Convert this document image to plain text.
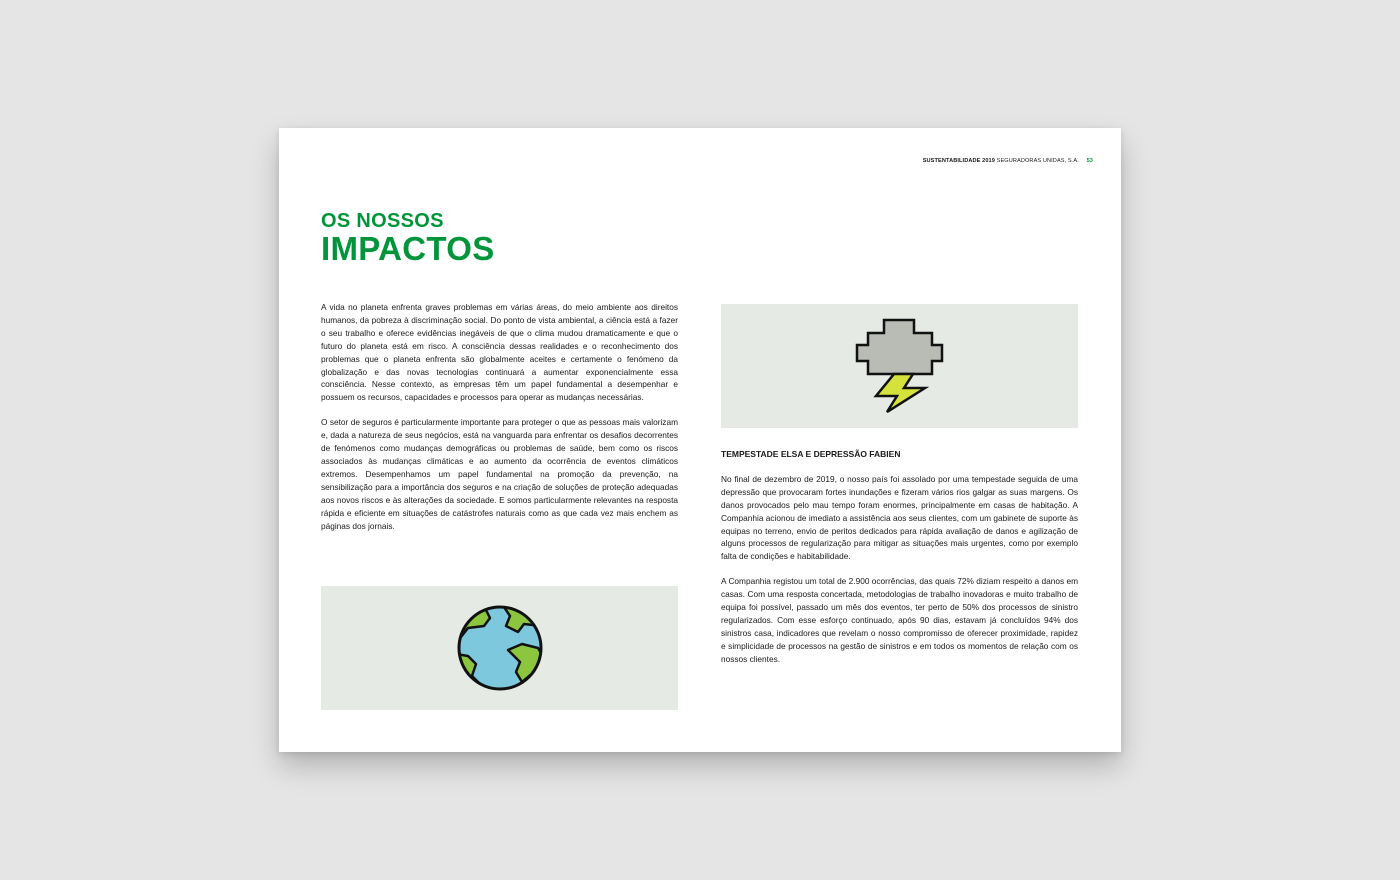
SUSTENTABILIDADE 2019 SEGURADORAS UNIDAS, S.A. 53
OS NOSSOS
IMPACTOS

A vida no planeta enfrenta graves problemas em várias áreas, do meio ambiente aos direitos humanos, da pobreza à discriminação social. Do ponto de vista ambiental, a ciência está a fazer o seu trabalho e oferece evidências inegáveis de que o clima mudou dramaticamente e que o futuro do planeta está em risco. A consciência dessas realidades e o reconhecimento dos problemas que o planeta enfrenta são globalmente aceites e certamente o fenómeno da globalização e das novas tecnologias continuará a aumentar exponencialmente essa consciência. Nesse contexto, as empresas têm um papel fundamental a desempenhar e possuem os recursos, capacidades e processos para operar as mudanças necessárias.

O setor de seguros é particularmente importante para proteger o que as pessoas mais valorizam e, dada a natureza de seus negócios, está na vanguarda para enfrentar os desafios decorrentes de fenómenos como mudanças demográficas ou problemas de saúde, bem como os riscos associados às mudanças climáticas e ao aumento da ocorrência de eventos climáticos extremos. Desempenhamos um papel fundamental na promoção da prevenção, na sensibilização para a importância dos seguros e na criação de soluções de proteção adequadas aos novos riscos e às alterações da sociedade. E somos particularmente relevantes na resposta rápida e eficiente em situações de catástrofes naturais como as que cada vez mais enchem as páginas dos jornais.

TEMPESTADE ELSA E DEPRESSÃO FABIEN

No final de dezembro de 2019, o nosso país foi assolado por uma tempestade seguida de uma depressão que provocaram fortes inundações e fizeram vários rios galgar as suas margens. Os danos provocados pelo mau tempo foram enormes, principalmente em casas de habitação. A Companhia acionou de imediato a assistência aos seus clientes, com um gabinete de suporte às equipas no terreno, envio de peritos dedicados para rápida avaliação de danos e agilização de alguns processos de regularização para mitigar as situações mais urgentes, como por exemplo falta de condições e habitabilidade.

A Companhia registou um total de 2.900 ocorrências, das quais 72% diziam respeito a danos em casas. Com uma resposta concertada, metodologias de trabalho inovadoras e muito trabalho de equipa foi possível, passado um mês dos eventos, ter perto de 50% dos processos de sinistro regularizados. Com esse esforço continuado, após 90 dias, estavam já concluídos 94% dos sinistros casa, indicadores que revelam o nosso compromisso de oferecer proximidade, rapidez e simplicidade de processos na gestão de sinistros e em todos os momentos de relação com os nossos clientes.
